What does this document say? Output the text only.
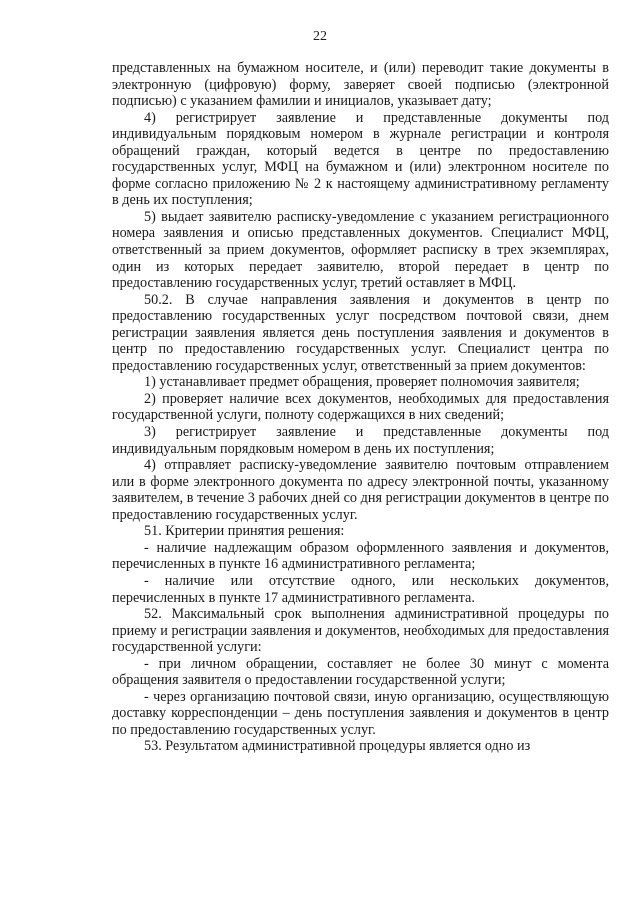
22

представленных на бумажном носителе, и (или) переводит такие документы в электронную (цифровую) форму, заверяет своей подписью (электронной подписью) с указанием фамилии и инициалов, указывает дату;

4) регистрирует заявление и представленные документы под индивидуальным порядковым номером в журнале регистрации и контроля обращений граждан, который ведется в центре по предоставлению государственных услуг, МФЦ на бумажном и (или) электронном носителе по форме согласно приложению № 2 к настоящему административному регламенту в день их поступления;

5) выдает заявителю расписку-уведомление с указанием регистрационного номера заявления и описью представленных документов. Специалист МФЦ, ответственный за прием документов, оформляет расписку в трех экземплярах, один из которых передает заявителю, второй передает в центр по предоставлению государственных услуг, третий оставляет в МФЦ.

50.2. В случае направления заявления и документов в центр по предоставлению государственных услуг посредством почтовой связи, днем регистрации заявления является день поступления заявления и документов в центр по предоставлению государственных услуг. Специалист центра по предоставлению государственных услуг, ответственный за прием документов:

1) устанавливает предмет обращения, проверяет полномочия заявителя;

2) проверяет наличие всех документов, необходимых для предоставления государственной услуги, полноту содержащихся в них сведений;

3) регистрирует заявление и представленные документы под индивидуальным порядковым номером в день их поступления;

4) отправляет расписку-уведомление заявителю почтовым отправлением или в форме электронного документа по адресу электронной почты, указанному заявителем, в течение 3 рабочих дней со дня регистрации документов в центре по предоставлению государственных услуг.

51. Критерии принятия решения:

- наличие надлежащим образом оформленного заявления и документов, перечисленных в пункте 16 административного регламента;

- наличие или отсутствие одного, или нескольких документов, перечисленных в пункте 17 административного регламента.

52. Максимальный срок выполнения административной процедуры по приему и регистрации заявления и документов, необходимых для предоставления государственной услуги:

- при личном обращении, составляет не более 30 минут с момента обращения заявителя о предоставлении государственной услуги;

- через организацию почтовой связи, иную организацию, осуществляющую доставку корреспонденции – день поступления заявления и документов в центр по предоставлению государственных услуг.

53. Результатом административной процедуры является одно из
